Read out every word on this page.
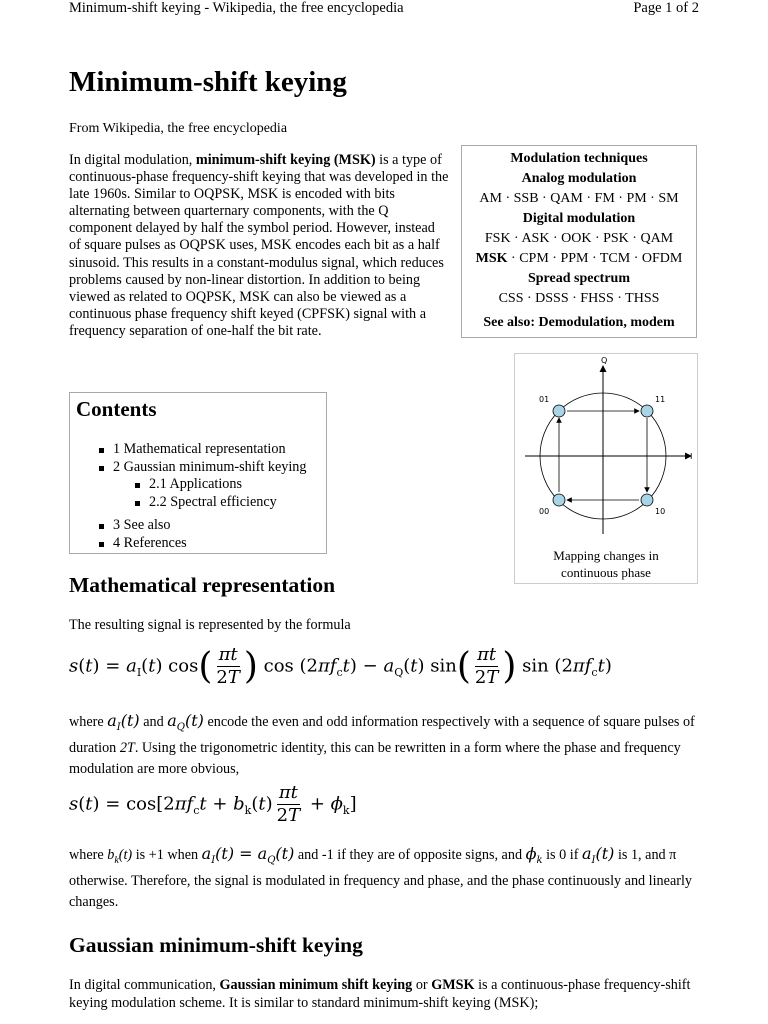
Minimum-shift keying - Wikipedia, the free encyclopedia	Page 1 of 2
Minimum-shift keying
From Wikipedia, the free encyclopedia
In digital modulation, minimum-shift keying (MSK) is a type of continuous-phase frequency-shift keying that was developed in the late 1960s. Similar to OQPSK, MSK is encoded with bits alternating between quarternary components, with the Q component delayed by half the symbol period. However, instead of square pulses as OQPSK uses, MSK encodes each bit as a half sinusoid. This results in a constant-modulus signal, which reduces problems caused by non-linear distortion. In addition to being viewed as related to OQPSK, MSK can also be viewed as a continuous phase frequency shift keyed (CPFSK) signal with a frequency separation of one-half the bit rate.
Modulation techniques
Analog modulation
AM · SSB · QAM · FM · PM · SM
Digital modulation
FSK · ASK · OOK · PSK · QAM
MSK · CPM · PPM · TCM · OFDM
Spread spectrum
CSS · DSSS · FHSS · THSS
See also: Demodulation, modem
Q
I
01	11
00	10
Mapping changes in
continuous phase
Contents
1 Mathematical representation
2 Gaussian minimum-shift keying
2.1 Applications
2.2 Spectral efficiency
3 See also
4 References
Mathematical representation
The resulting signal is represented by the formula
$s(t) = a_I(t)$ $\cos( \frac{\pi t}{2T}$ ) $\cos (2\pi f_ct) - a_Q(t)$ $\sin( \frac{\pi t}{2T}$ ) $\sin (2\pi f_ct)$
where $a_I(t)$ and $a_Q(t)$ encode the even and odd information respectively with a sequence of square pulses of duration 2T. Using the trigonometric identity, this can be rewritten in a form where the phase and frequency modulation are more obvious,
$s(t) = \cos[2\pi f_ct + b_k(t) \frac{\pi t}{2T} + \phi_k]$
where $b_k(t)$ is +1 when $a_I(t) = a_Q(t)$ and -1 if they are of opposite signs, and $\phi_k$ is 0 if $a_I(t)$ is 1, and π otherwise. Therefore, the signal is modulated in frequency and phase, and the phase continuously and linearly changes.
Gaussian minimum-shift keying
In digital communication, Gaussian minimum shift keying or GMSK is a continuous-phase frequency-shift keying modulation scheme. It is similar to standard minimum-shift keying (MSK);
